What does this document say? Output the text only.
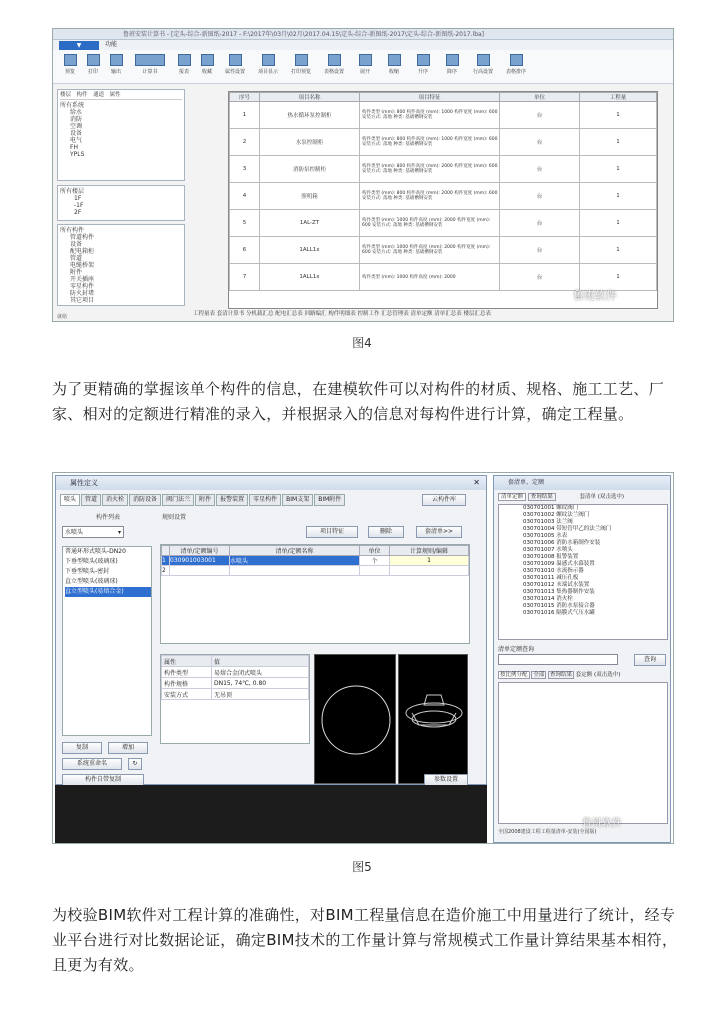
鲁班安装计算书 - [定头-综合-新图纸-2017 - F:\2017年\03月\02月\2017.04.15\定头-综合-新图纸-2017\定头-综合-新图纸-2017.lba]
▼	功能
预览	打印	输出	计算书	报表	收藏	属性设置	项目显示	打印预览	表格设置	展开	收缩	升序	降序	行高设置	表格排序
楼层　 构件　 通道　 属性
所有系统
给水
消防
空调
设备
电气
FH
YPLS
所有楼层
1F
-1F
2F
所有构件
管道构件
设备
配电箱柜
管道
电缆桥架
附件
开关插座
零星构件
防火封堵
其它项目
序号	项目名称	项目特征	单位	工程量
1	热水循环泵控制柜	构件类型 (mm): 800 构件高度 (mm): 1000 构件宽度 (mm): 600 安装方式: 落地 种类: 基础槽钢安装	台	1
2	水泵控制柜	构件类型 (mm): 800 构件高度 (mm): 1000 构件宽度 (mm): 600 安装方式: 落地 种类: 基础槽钢安装	台	1
3	消防泵控制柜	构件类型 (mm): 800 构件高度 (mm): 2000 构件宽度 (mm): 600 安装方式: 落地 种类: 基础槽钢安装	台	1
4	照明箱	构件类型 (mm): 800 构件高度 (mm): 2000 构件宽度 (mm): 600 安装方式: 落地 种类: 基础槽钢安装	台	1
5	1AL-ZT	构件类型 (mm): 1000 构件高度 (mm): 2000 构件宽度 (mm): 600 安装方式: 落地 种类: 基础槽钢安装	台	1
6	1ALL1x	构件类型 (mm): 1000 构件高度 (mm): 2000 构件宽度 (mm): 600 安装方式: 落地 种类: 基础槽钢安装	台	1
7	1ALL1x	构件类型 (mm): 1000 构件高度 (mm): 2000	台	1
工程量表 套清计算书 分机载汇总 配电汇总表 回路编汇 构件明细表 控制工作 汇总管理表 清单定额 清单汇总表 楼层汇总表
鲁班软件
就绪
图4
为了更精确的掌握该单个构件的信息，在建模软件可以对构件的材质、规格、施工工艺、厂家、相对的定额进行精准的录入，并根据录入的信息对每构件进行计算，确定工程量。
属性定义	✕
喷头 管道 消火栓 消防设备 阀门法兰 附件 报警装置 零星构件 BIM支架 BIM附件	云构件库
构件列表	规则设置
水喷头	▾	项目特征	删除	套清单>>
普通环形式喷头-DN20
下垂型喷头(玻璃球)
下垂型喷头-密封
直立型喷头(玻璃球)
直立型喷头(易熔合金)
	清单/定额编号	清单/定额名称	单位	计算规则/编辑
1	030901003001	水喷头	个	1
2				
属性	值
构件类型	易熔合金闭式喷头
构件规格	DN15, 74℃, 0.80
安装方式	无吊顶
复制	增加
系统重命名	↻
构件自带复制	参数设置
套清单、定额
清单定额 查询结果	套清单 (双击选中)
030701001 螺纹阀门
030701002 螺纹法兰阀门
030701003 法兰阀
030701004 带短管甲乙的法兰阀门
030701005 水表
030701006 消防水箱制作安装
030701007 水喷头
030701008 报警装置
030701009 温感式水幕装置
030701010 水流指示器
030701011 减压孔板
030701012 末端试水装置
030701013 集热器制作安装
030701014 消火栓
030701015 消防水泵接合器
030701016 隔膜式气压水罐
清单定额查询
查询
按比例分配 全部 查询结果 套定额 (双击选中)
全国2008建设工程工程量清单-安装(全国版)
鲁班软件
图5
为校验BIM软件对工程计算的准确性，对BIM工程量信息在造价施工中用量进行了统计，经专业平台进行对比数据论证，确定BIM技术的工作量计算与常规模式工作量计算结果基本相符，且更为有效。
